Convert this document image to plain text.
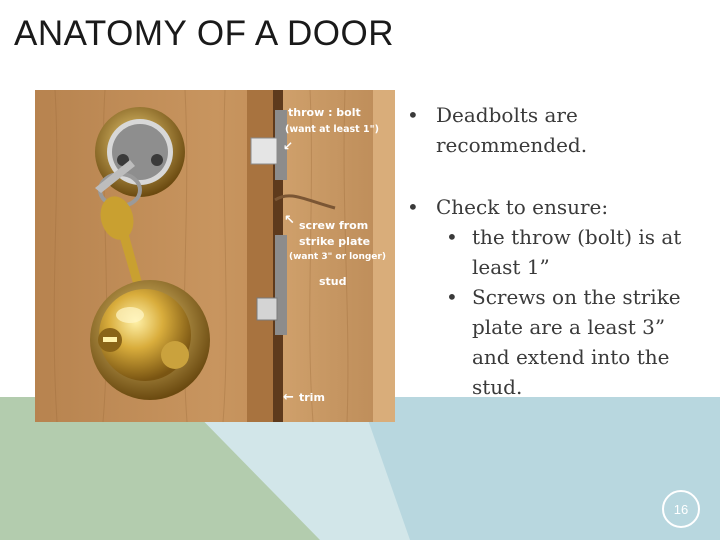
ANATOMY OF A DOOR
throw : bolt
(want at least 1")
↙
↖ screw from
strike plate
(want 3" or longer)
stud
← trim
• Deadbolts are
recommended.
• Check to ensure:
• the throw (bolt) is at
least 1”
• Screws on the strike
plate are a least 3”
and extend into the
stud.
16
